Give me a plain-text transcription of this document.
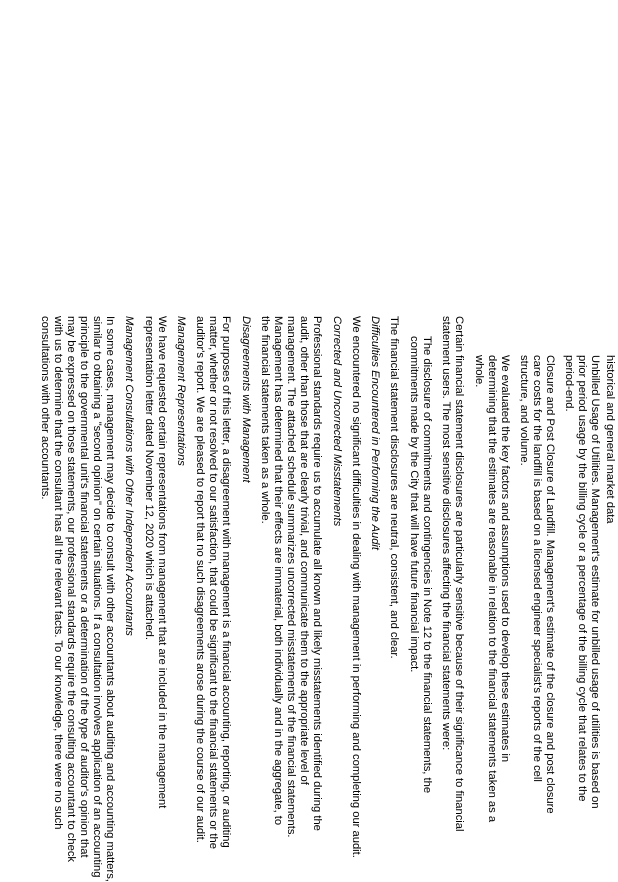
historical and general market data

Unbilled Usage of Utilities. Management's estimate for unbilled usage of utilities is based on

prior period usage by the billing cycle or a percentage of the billing cycle that relates to the

period-end.

Closure and Post Closure of Landfill. Management's estimate of the closure and post closure

care costs for the landfill is based on a licensed engineer specialist's reports of the cell

structure, and volume.

We evaluated the key factors and assumptions used to develop these estimates in

determining that the estimates are reasonable in relation to the financial statements taken as a

whole.

Certain financial statement disclosures are particularly sensitive because of their significance to financial

statement users. The most sensitive disclosures affecting the financial statements were:

The disclosure of commitments and contingencies in Note 12 to the financial statements, the

commitments made by the City that will have future financial impact.

The financial statement disclosures are neutral, consistent, and clear.

Difficulties Encountered in Performing the Audit

We encountered no significant difficulties in dealing with management in performing and completing our audit.

Corrected and Uncorrected Misstatements

Professional standards require us to accumulate all known and likely misstatements identified during the

audit, other than those that are clearly trivial, and communicate them to the appropriate level of

management. The attached schedule summarizes uncorrected misstatements of the financial statements.

Management has determined that their effects are immaterial, both individually and in the aggregate, to

the financial statements taken as a whole.

Disagreements with Management

For purposes of this letter, a disagreement with management is a financial accounting, reporting, or auditing

matter, whether or not resolved to our satisfaction, that could be significant to the financial statements or the

auditor's report. We are pleased to report that no such disagreements arose during the course of our audit.

Management Representations

We have requested certain representations from management that are included in the management

representation letter dated November 12, 2020 which is attached.

Management Consultations with Other Independent Accountants

In some cases, management may decide to consult with other accountants about auditing and accounting matters,

similar to obtaining a "second opinion" on certain situations. If a consultation involves application of an accounting

principle to the governmental unit's financial statements or a determination of the type of auditor's opinion that

may be expressed on those statements, our professional standards require the consulting accountant to check

with us to determine that the consultant has all the relevant facts. To our knowledge, there were no such

consultations with other accountants.
